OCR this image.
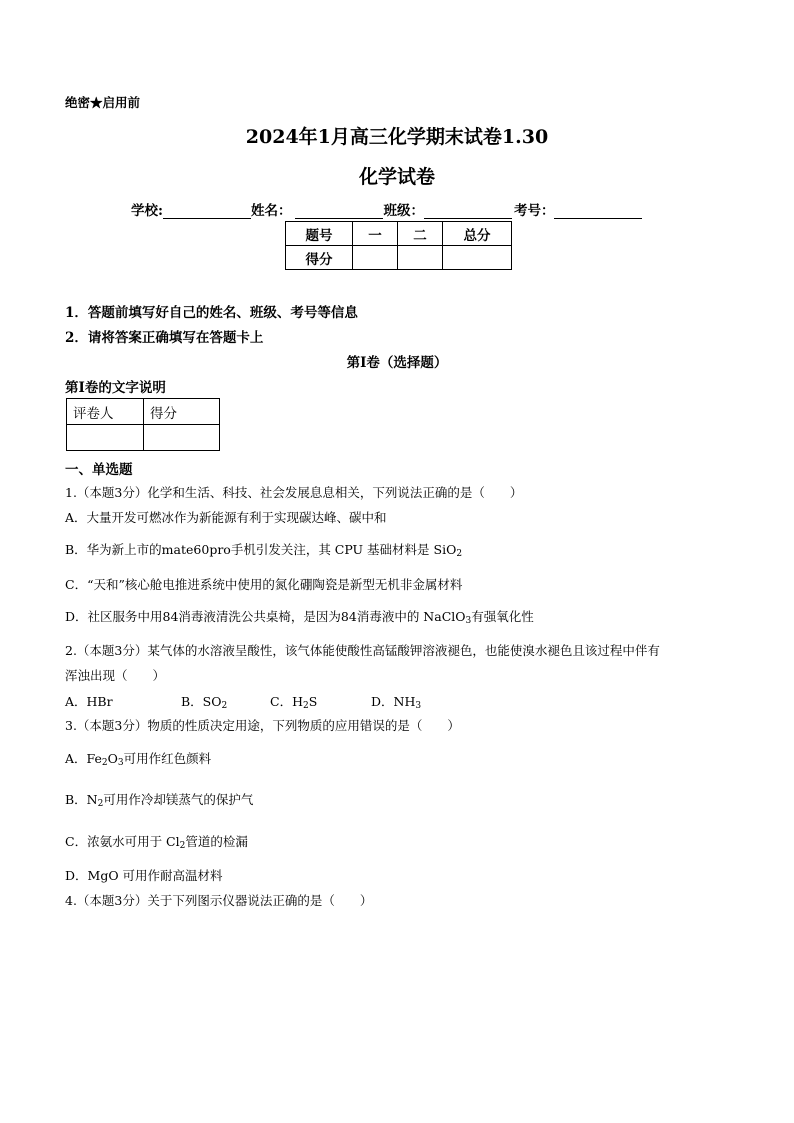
绝密★启用前
2024年1月高三化学期末试卷1.30
化学试卷
学校:	姓名：	班级：	考号：
题号	一	二	总分
得分			
1．答题前填写好自己的姓名、班级、考号等信息
2．请将答案正确填写在答题卡上
第I卷（选择题）
第I卷的文字说明
评卷人	得分

一、单选题
1.（本题3分）化学和生活、科技、社会发展息息相关，下列说法正确的是（　　）
A．大量开发可燃冰作为新能源有利于实现碳达峰、碳中和
B．华为新上市的mate60pro手机引发关注，其 CPU 基础材料是 SiO$_2$
C．“天和”核心舱电推进系统中使用的氮化硼陶瓷是新型无机非金属材料
D．社区服务中用84消毒液清洗公共桌椅，是因为84消毒液中的 NaClO$_3$有强氧化性
2.（本题3分）某气体的水溶液呈酸性，该气体能使酸性高锰酸钾溶液褪色，也能使溴水褪色且该过程中伴有
浑浊出现（　　）
A．HBr	B．$SO_2$	C．$H_2S$	D．$NH_3$
3.（本题3分）物质的性质决定用途，下列物质的应用错误的是（　　）
A．$Fe_2O_3$可用作红色颜料
B．$N_2$可用作冷却镁蒸气的保护气
C．浓氨水可用于 $Cl_2$管道的检漏
D．MgO 可用作耐高温材料
4.（本题3分）关于下列图示仪器说法正确的是（　　）
